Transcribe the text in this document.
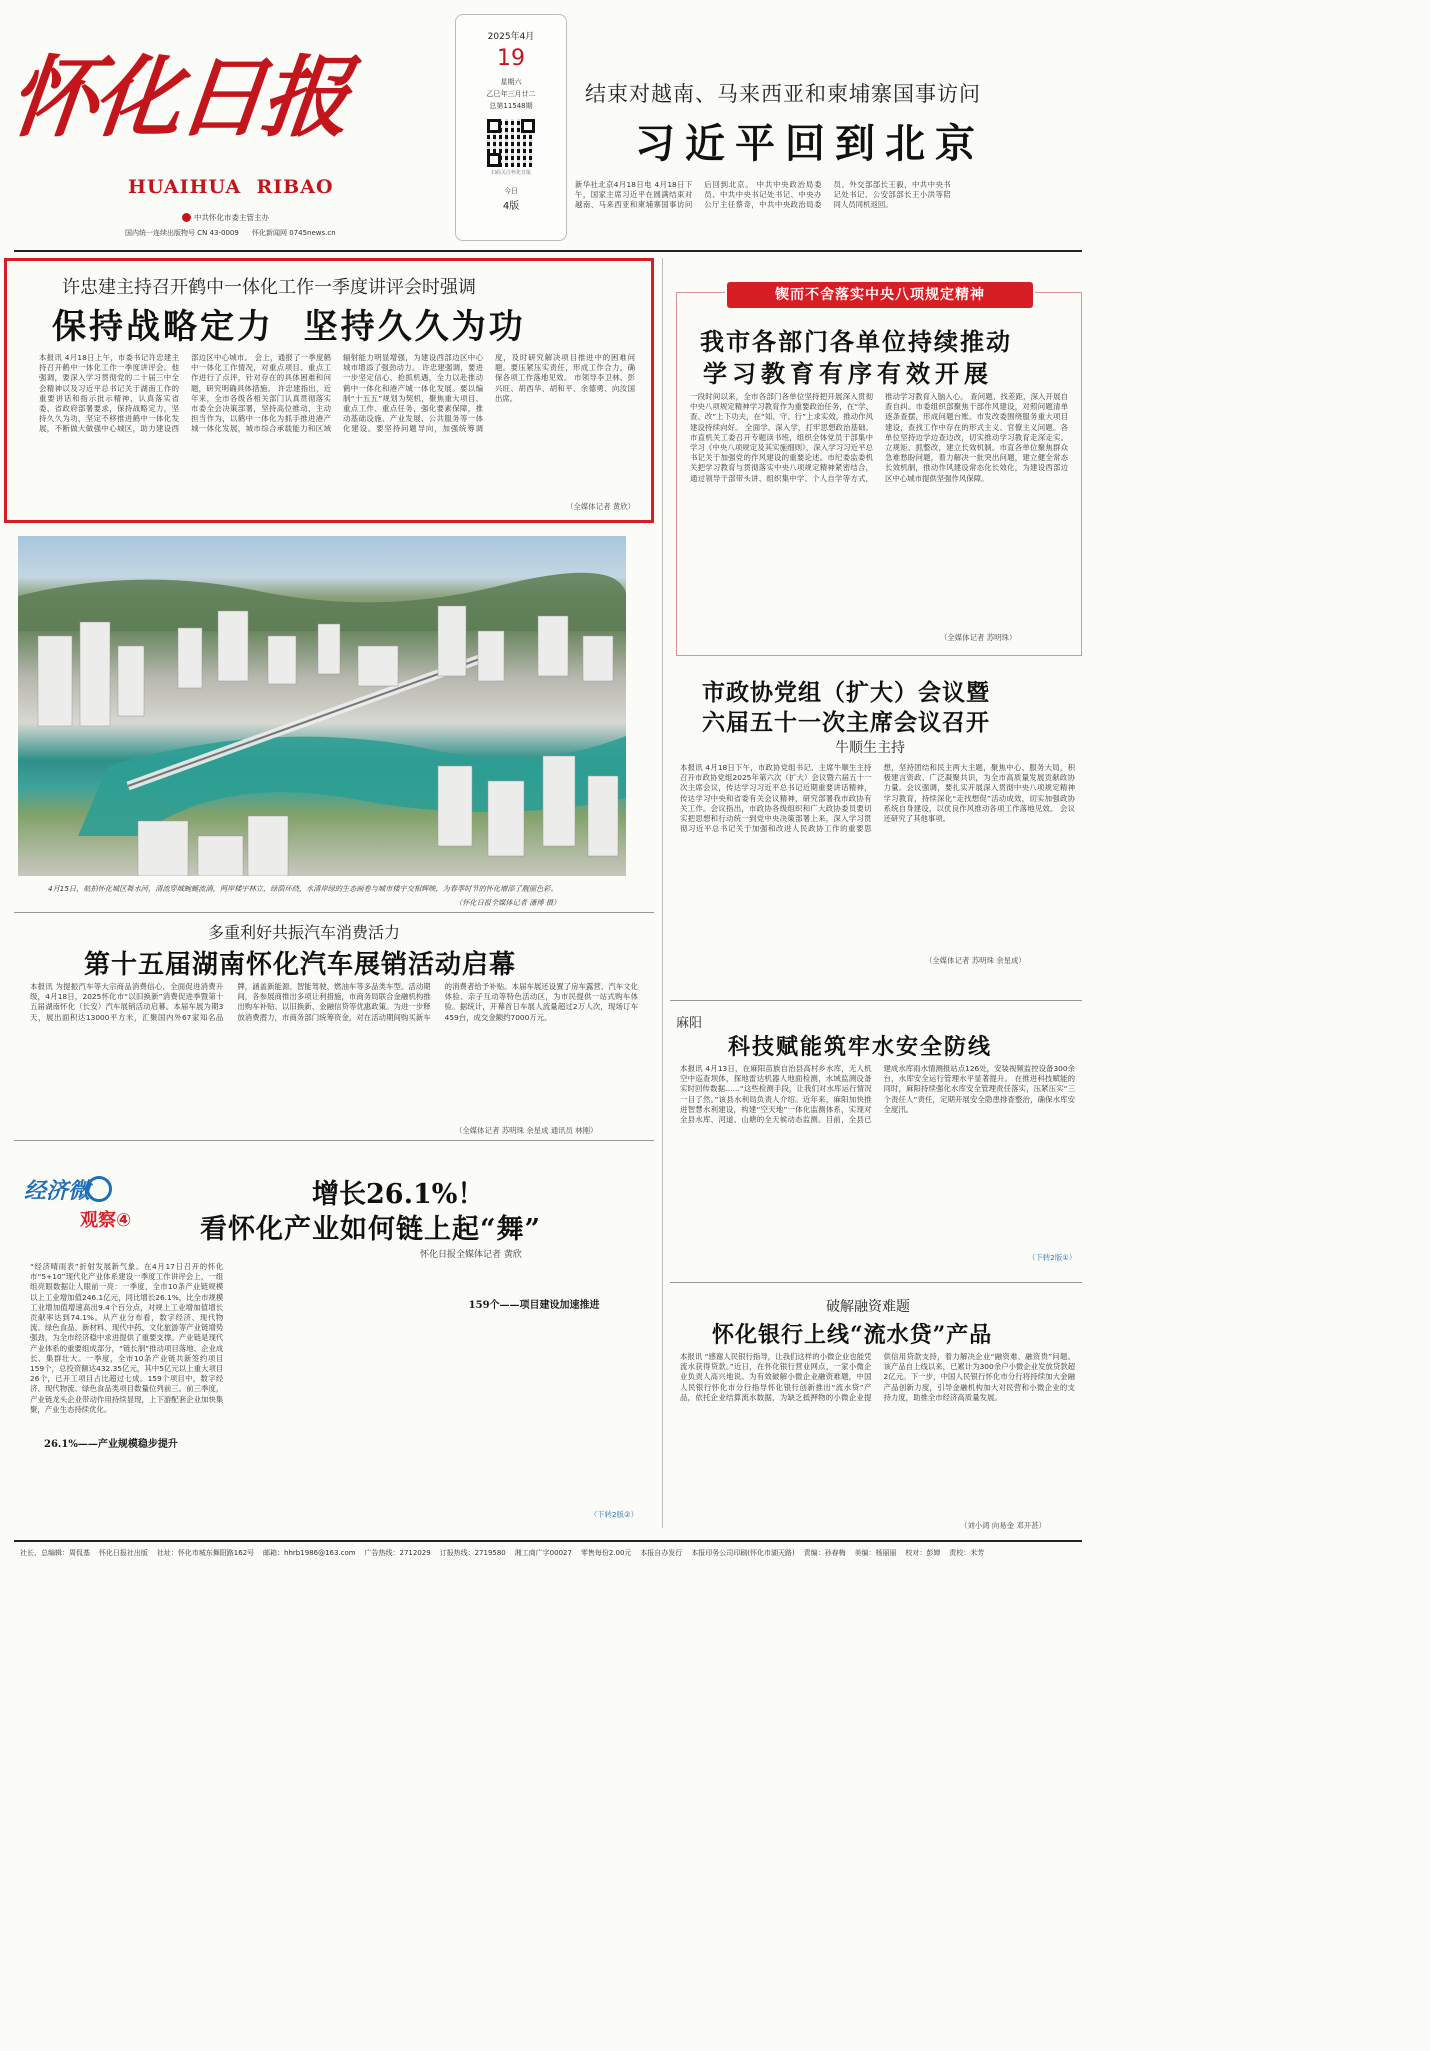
怀化日报
HUAIHUA  RIBAO
中共怀化市委主管主办
国内统一连续出版物号 CN 43-0009 怀化新闻网 0745news.cn
2025年4月
19
星期六
乙巳年三月廿二
总第11548期
扫码关注怀化日报
今日
4版
结束对越南、马来西亚和柬埔寨国事访问
习近平回到北京
新华社北京4月18日电 4月18日下午，国家主席习近平在圆满结束对越南、马来西亚和柬埔寨国事访问后回到北京。 中共中央政治局委员、中共中央书记处书记、中央办公厅主任蔡奇，中共中央政治局委员、外交部部长王毅，中共中央书记处书记、公安部部长王小洪等陪同人员同机返回。
许忠建主持召开鹤中一体化工作一季度讲评会时强调
保持战略定力  坚持久久为功
本报讯 4月18日上午，市委书记许忠建主持召开鹤中一体化工作一季度讲评会。他强调，要深入学习贯彻党的二十届三中全会精神以及习近平总书记关于湖南工作的重要讲话和指示批示精神，认真落实省委、省政府部署要求，保持战略定力，坚持久久为功，坚定不移推进鹤中一体化发展，不断做大做强中心城区，助力建设西部边区中心城市。 会上，通报了一季度鹤中一体化工作情况，对重点项目、重点工作进行了点评，针对存在的具体困难和问题，研究明确具体措施。 许忠建指出，近年来，全市各级各相关部门认真贯彻落实市委全会决策部署，坚持高位推动、主动担当作为，以鹤中一体化为抓手推进港产城一体化发展，城市综合承载能力和区域辐射能力明显增强，为建设西部边区中心城市增添了强劲动力。 许忠建强调，要进一步坚定信心、抢抓机遇，全力以赴推动鹤中一体化和港产城一体化发展。要以编制“十五五”规划为契机，聚焦重大项目、重点工作、重点任务，强化要素保障，推动基础设施、产业发展、公共服务等一体化建设。要坚持问题导向，加强统筹调度，及时研究解决项目推进中的困难问题。要压紧压实责任，形成工作合力，确保各项工作落地见效。 市领导李卫林、彭兴旺、胡西华、胡和平、余德勇、向汝国出席。
（全媒体记者 黄欣）
4月15日，航拍怀化城区舞水河，清流穿城蜿蜒流淌，两岸楼宇林立，绿荫环绕，水清岸绿的生态画卷与城市楼宇交相辉映，为春季时节的怀化增添了靓丽色彩。
（怀化日报全媒体记者 潘博 摄）
多重利好共振汽车消费活力
第十五届湖南怀化汽车展销活动启幕
本报讯 为提振汽车等大宗商品消费信心，全面促进消费升级，4月18日，2025怀化市“以旧换新”消费促进季暨第十五届湖南怀化（长安）汽车展销活动启幕。本届车展为期3天，展出面积达13000平方米，汇聚国内外67家知名品牌，涵盖新能源、智能驾驶、燃油车等多品类车型。活动期间，各参展商推出多项让利措施，市商务局联合金融机构推出购车补贴、以旧换新、金融信贷等优惠政策。为进一步释放消费潜力，市商务部门统筹资金，对在活动期间购买新车的消费者给予补贴。本届车展还设置了房车露营、汽车文化体验、亲子互动等特色活动区，为市民提供一站式购车体验。据统计，开幕首日车展人流量超过2万人次，现场订车459台，成交金额约7000万元。
（全媒体记者 苏明珠 余星成 通讯员 林刚）
经济微
观察④
增长26.1%！
看怀化产业如何链上起“舞”
怀化日报全媒体记者 黄欣
“经济晴雨表”折射发展新气象。在4月17日召开的怀化市“5+10”现代化产业体系建设一季度工作讲评会上，一组组亮眼数据让人眼前一亮：一季度，全市10条产业链规模以上工业增加值246.1亿元，同比增长26.1%，比全市规模工业增加值增速高出9.4个百分点，对规上工业增加值增长贡献率达到74.1%。从产业分布看，数字经济、现代物流、绿色食品、新材料、现代中药、文化旅游等产业链增势强劲，为全市经济稳中求进提供了重要支撑。产业链是现代产业体系的重要组成部分，“链长制”推动项目落地、企业成长、集群壮大。一季度，全市10条产业链共新签约项目159个，总投资额达432.35亿元，其中5亿元以上重大项目26个，已开工项目占比超过七成。159个项目中，数字经济、现代物流、绿色食品类项目数量位列前三。前三季度，产业链龙头企业带动作用持续显现，上下游配套企业加快集聚，产业生态持续优化。
26.1%——产业规模稳步提升
159个——项目建设加速推进
（下转2版②）
锲而不舍落实中央八项规定精神
我市各部门各单位持续推动
学习教育有序有效开展
一段时间以来，全市各部门各单位坚持把开展深入贯彻中央八项规定精神学习教育作为重要政治任务，在“学、查、改”上下功夫，在“知、守、行”上求实效，推动作风建设持续向好。 全面学、深入学，打牢思想政治基础。市直机关工委召开专题读书班，组织全体党员干部集中学习《中央八项规定及其实施细则》，深入学习习近平总书记关于加强党的作风建设的重要论述。市纪委监委机关把学习教育与贯彻落实中央八项规定精神紧密结合，通过领导干部带头讲、组织集中学、个人自学等方式，推动学习教育入脑入心。 查问题、找差距，深入开展自查自纠。市委组织部聚焦干部作风建设，对照问题清单逐条查摆，形成问题台账。市发改委围绕服务重大项目建设，查找工作中存在的形式主义、官僚主义问题。各单位坚持边学边查边改，切实推动学习教育走深走实。 立规矩、抓整改，建立长效机制。市直各单位聚焦群众急难愁盼问题，着力解决一批突出问题，建立健全常态长效机制，推动作风建设常态化长效化，为建设西部边区中心城市提供坚强作风保障。
（全媒体记者 苏明珠）
市政协党组（扩大）会议暨
六届五十一次主席会议召开
牛顺生主持
本报讯 4月18日下午，市政协党组书记、主席牛顺生主持召开市政协党组2025年第六次（扩大）会议暨六届五十一次主席会议，传达学习习近平总书记近期重要讲话精神，传达学习中央和省委有关会议精神，研究部署我市政协有关工作。会议指出，市政协各级组织和广大政协委员要切实把思想和行动统一到党中央决策部署上来，深入学习贯彻习近平总书记关于加强和改进人民政协工作的重要思想，坚持团结和民主两大主题，聚焦中心、服务大局，积极建言资政、广泛凝聚共识，为全市高质量发展贡献政协力量。会议强调，要扎实开展深入贯彻中央八项规定精神学习教育，持续深化“走找想促”活动成效，切实加强政协系统自身建设，以优良作风推动各项工作落地见效。 会议还研究了其他事项。
（全媒体记者 苏明珠 余星成）
麻阳
科技赋能筑牢水安全防线
本报讯 4月13日，在麻阳苗族自治县高村乡水库，无人机空中巡查坝体，探地雷达机器人地面检测，水域监测设备实时回传数据……“这些检测手段，让我们对水库运行情况一目了然。”该县水利局负责人介绍。近年来，麻阳加快推进智慧水利建设，构建“空天地”一体化监测体系，实现对全县水库、河道、山塘的全天候动态监测。目前，全县已建成水库雨水情测报站点126处，安装视频监控设备300余台，水库安全运行管理水平显著提升。 在推进科技赋能的同时，麻阳持续强化水库安全管理责任落实，压紧压实“三个责任人”责任，定期开展安全隐患排查整治，确保水库安全度汛。
（下转2版①）
破解融资难题
怀化银行上线“流水贷”产品
本报讯 “感谢人民银行指导，让我们这样的小微企业也能凭流水获得贷款。”近日，在怀化银行营业网点，一家小微企业负责人高兴地说。为有效破解小微企业融资难题，中国人民银行怀化市分行指导怀化银行创新推出“流水贷”产品，依托企业结算流水数据，为缺乏抵押物的小微企业提供信用贷款支持，着力解决企业“融资难、融资贵”问题。该产品自上线以来，已累计为300余户小微企业发放贷款超2亿元。下一步，中国人民银行怀化市分行将持续加大金融产品创新力度，引导金融机构加大对民营和小微企业的支持力度，助推全市经济高质量发展。
（刘小鸿 向易金 邓开甚）
社长、总编辑：周侃基    怀化日报社出版    社址：怀化市城东舞阳路162号    邮箱：hhrb1986@163.com    广告热线：2712029    订报热线：2719580    湘工商广字00027    零售每份2.00元    本报自办发行    本报印务公司印刷(怀化市湖天路)    责编：孙春梅    美编：杨丽丽    校对：彭婵    责校：米芳
